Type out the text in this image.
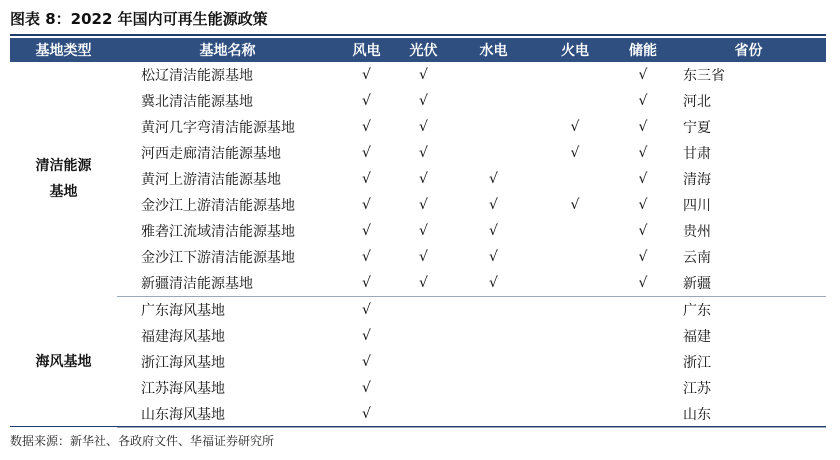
图表 8：2022 年国内可再生能源政策
基地类型	基地名称	风电	光伏	水电	火电	储能	省份

清洁能源
基地	松辽清洁能源基地	√	√			√	东三省
	冀北清洁能源基地	√	√			√	河北
	黄河几字弯清洁能源基地	√	√		√	√	宁夏
	河西走廊清洁能源基地	√	√		√	√	甘肃
	黄河上游清洁能源基地	√	√	√		√	清海
	金沙江上游清洁能源基地	√	√	√	√	√	四川
	雅砻江流域清洁能源基地	√	√	√		√	贵州
	金沙江下游清洁能源基地	√	√	√		√	云南
	新疆清洁能源基地	√	√	√		√	新疆

海风基地	广东海风基地	√					广东
	福建海风基地	√					福建
	浙江海风基地	√					浙江
	江苏海风基地	√					江苏
	山东海风基地	√					山东
数据来源：新华社、各政府文件、华福证券研究所
